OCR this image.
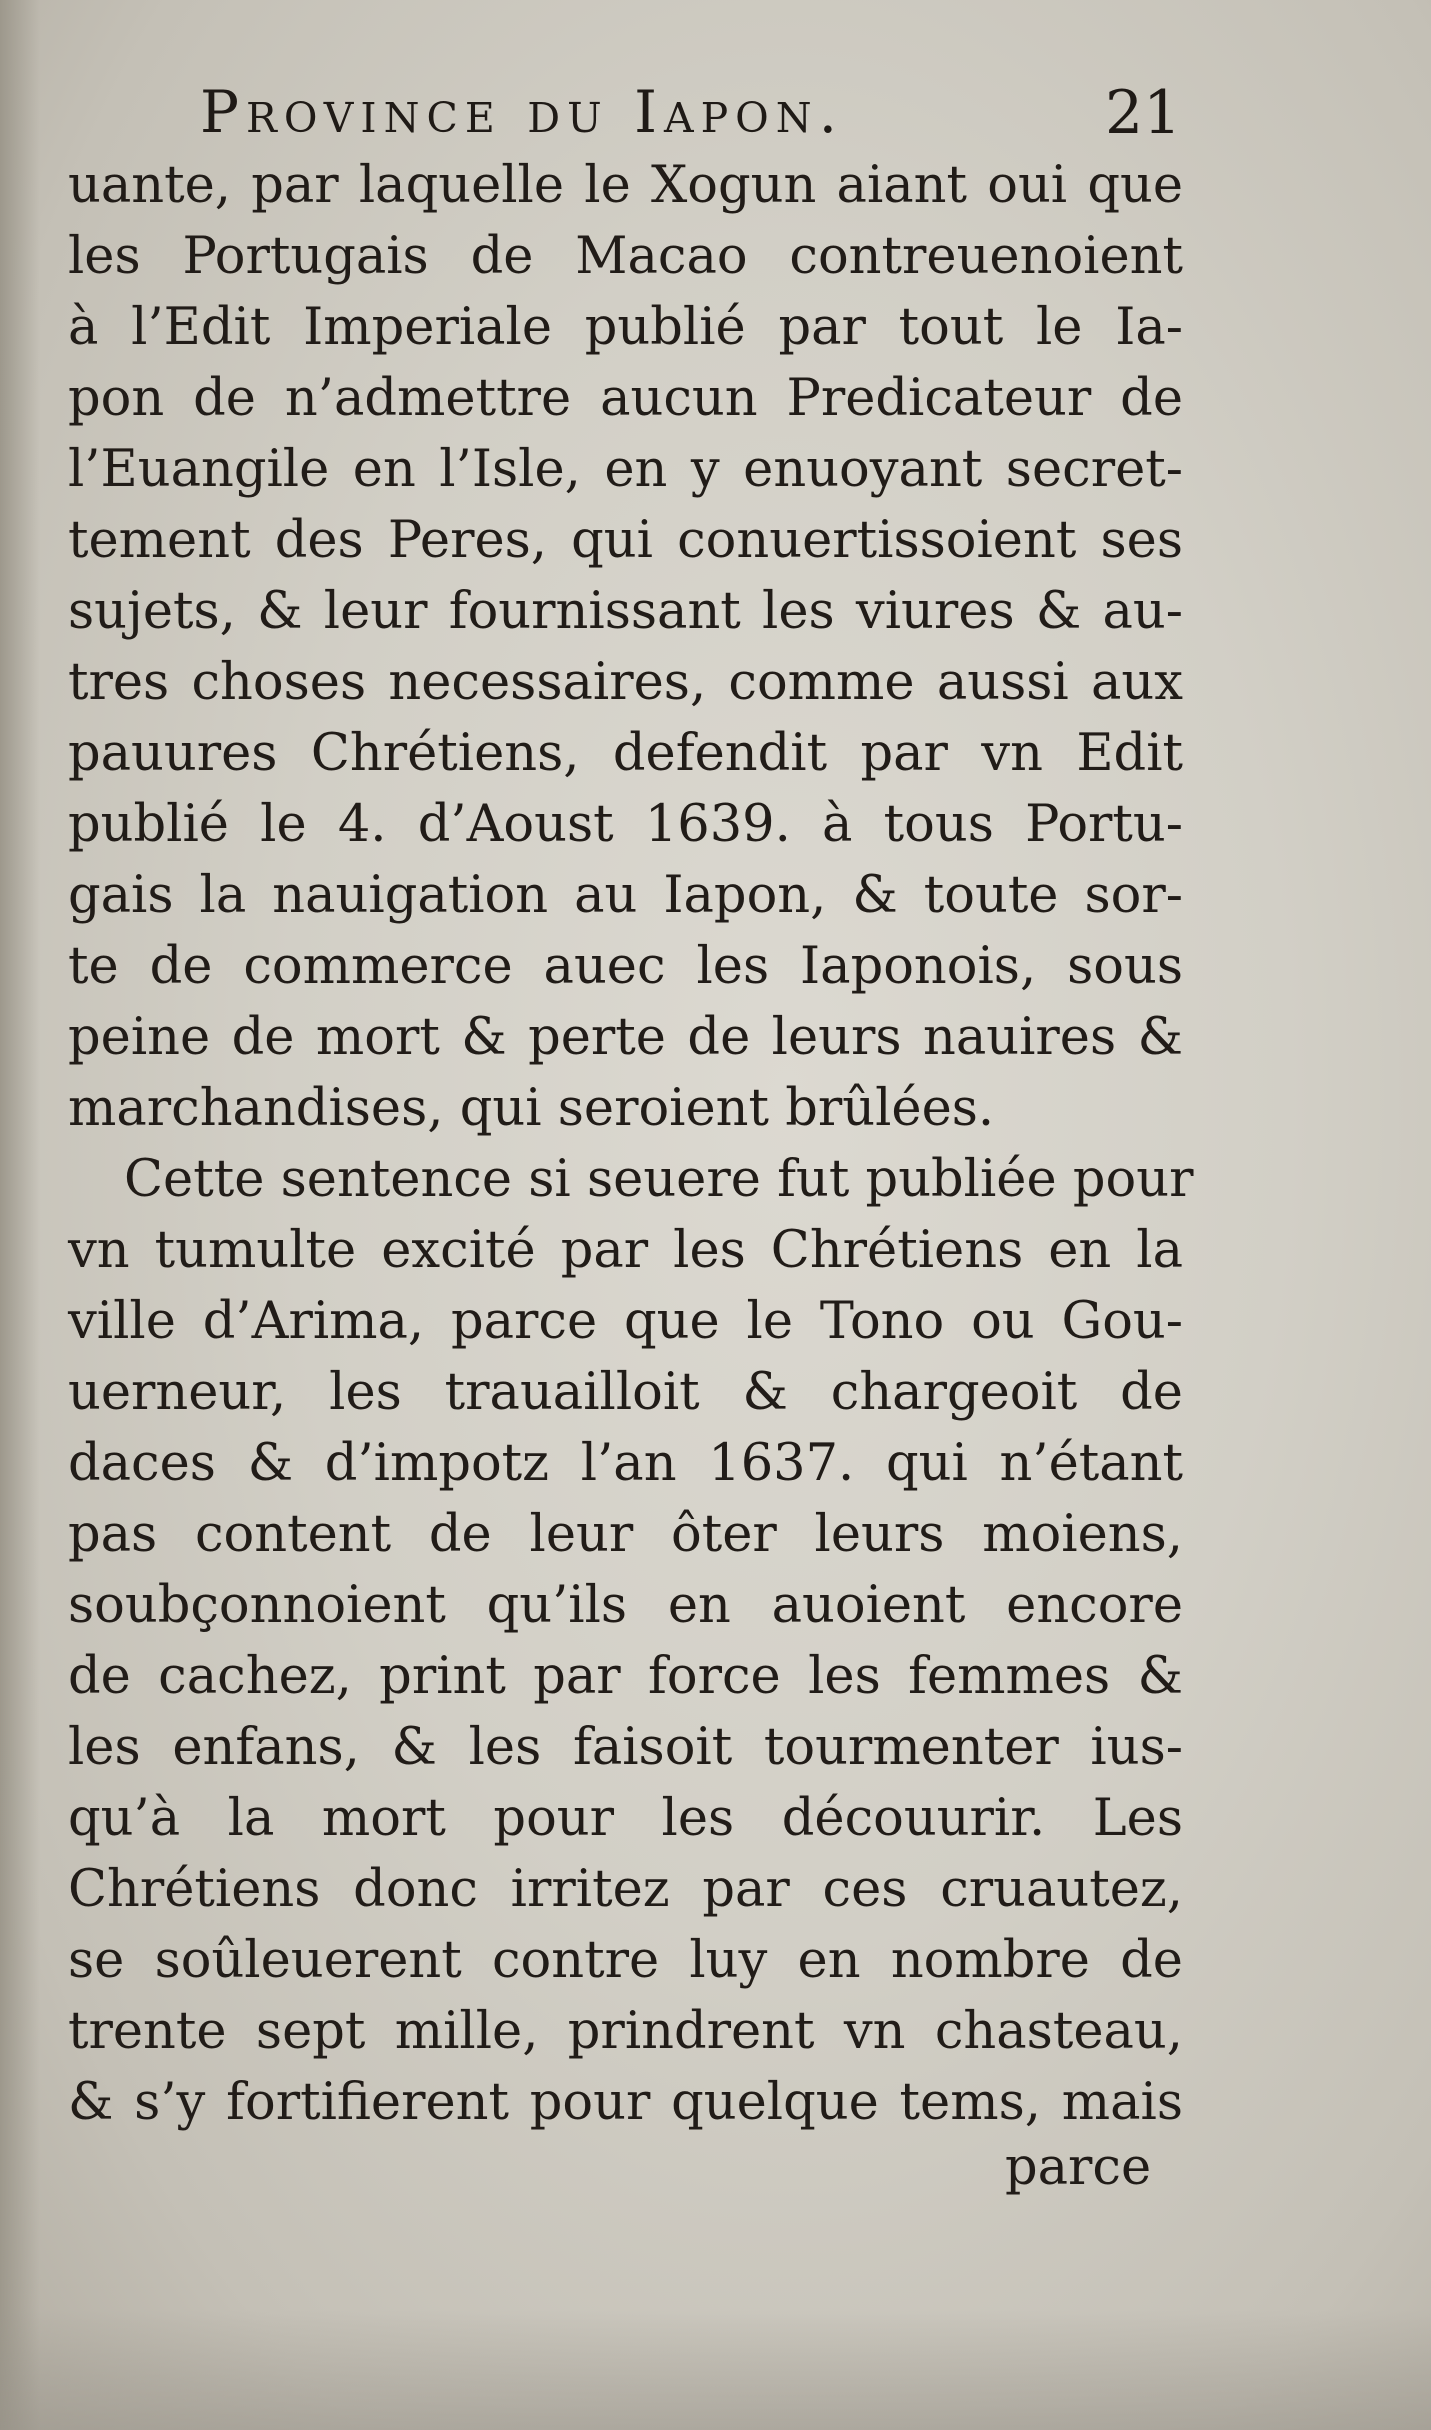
Province du Iapon.	21
uante, par laquelle le Xogun aiant oui que
les Portugais de Macao contreuenoient
à l’Edit Imperiale publié par tout le Ia-
pon de n’admettre aucun Predicateur de
l’Euangile en l’Isle, en y enuoyant secret-
tement des Peres, qui conuertissoient ses
sujets, & leur fournissant les viures & au-
tres choses necessaires, comme aussi aux
pauures Chrétiens, defendit par vn Edit
publié le 4. d’Aoust 1639. à tous Portu-
gais la nauigation au Iapon, & toute sor-
te de commerce auec les Iaponois, sous
peine de mort & perte de leurs nauires &
marchandises, qui seroient brûlées.
Cette sentence si seuere fut publiée pour
vn tumulte excité par les Chrétiens en la
ville d’Arima, parce que le Tono ou Gou-
uerneur, les trauailloit & chargeoit de
daces & d’impotz l’an 1637. qui n’étant
pas content de leur ôter leurs moiens,
soubçonnoient qu’ils en auoient encore
de cachez, print par force les femmes &
les enfans, & les faisoit tourmenter ius-
qu’à la mort pour les découurir. Les
Chrétiens donc irritez par ces cruautez,
se soûleuerent contre luy en nombre de
trente sept mille, prindrent vn chasteau,
& s’y fortifierent pour quelque tems, mais
parce
